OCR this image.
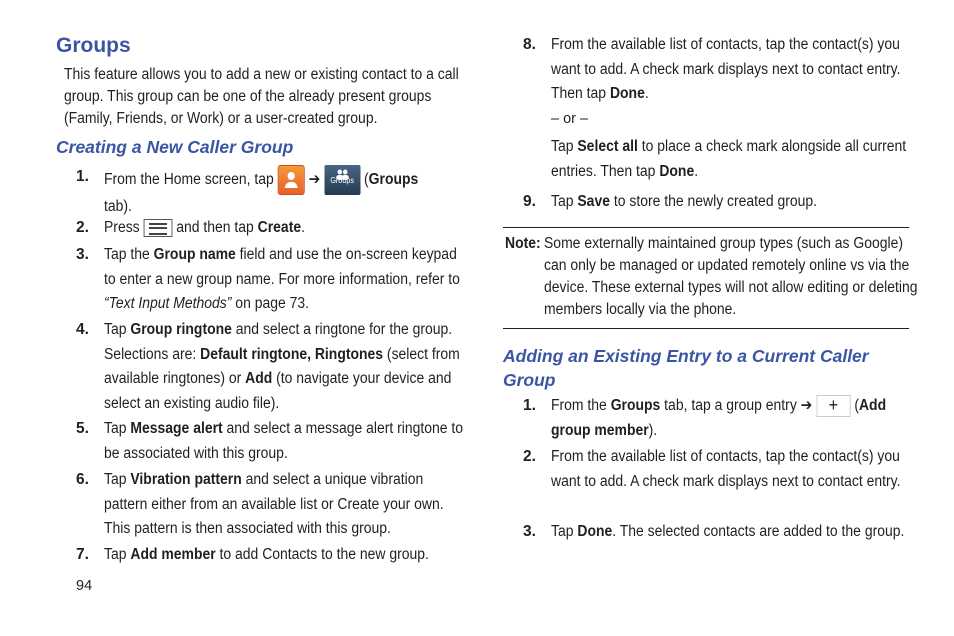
Groups

This feature allows you to add a new or existing contact to a call group. This group can be one of the already present groups (Family, Friends, or Work) or a user-created group.

Creating a New Caller Group
1. From the Home screen, tap ➔	Groups (Groups
tab).
2. Press and then tap Create.
3. Tap the Group name field and use the on-screen keypad to enter a new group name. For more information, refer to “Text Input Methods” on page 73.
4. Tap Group ringtone and select a ringtone for the group. Selections are: Default ringtone, Ringtones (select from available ringtones) or Add (to navigate your device and select an existing audio file).
5. Tap Message alert and select a message alert ringtone to be associated with this group.
6. Tap Vibration pattern and select a unique vibration pattern either from an available list or Create your own. This pattern is then associated with this group.
7. Tap Add member to add Contacts to the new group.
8. From the available list of contacts, tap the contact(s) you want to add. A check mark displays next to contact entry. Then tap Done.
– or –
Tap Select all to place a check mark alongside all current entries. Then tap Done.
9. Tap Save to store the newly created group.
Note: Some externally maintained group types (such as Google) can only be managed or updated remotely online vs via the device. These external types will not allow editing or deleting members locally via the phone.
Adding an Existing Entry to a Current Caller Group
1. From the Groups tab, tap a group entry ➔ + (Add group member).
2. From the available list of contacts, tap the contact(s) you want to add. A check mark displays next to contact entry.
3. Tap Done. The selected contacts are added to the group.
94
